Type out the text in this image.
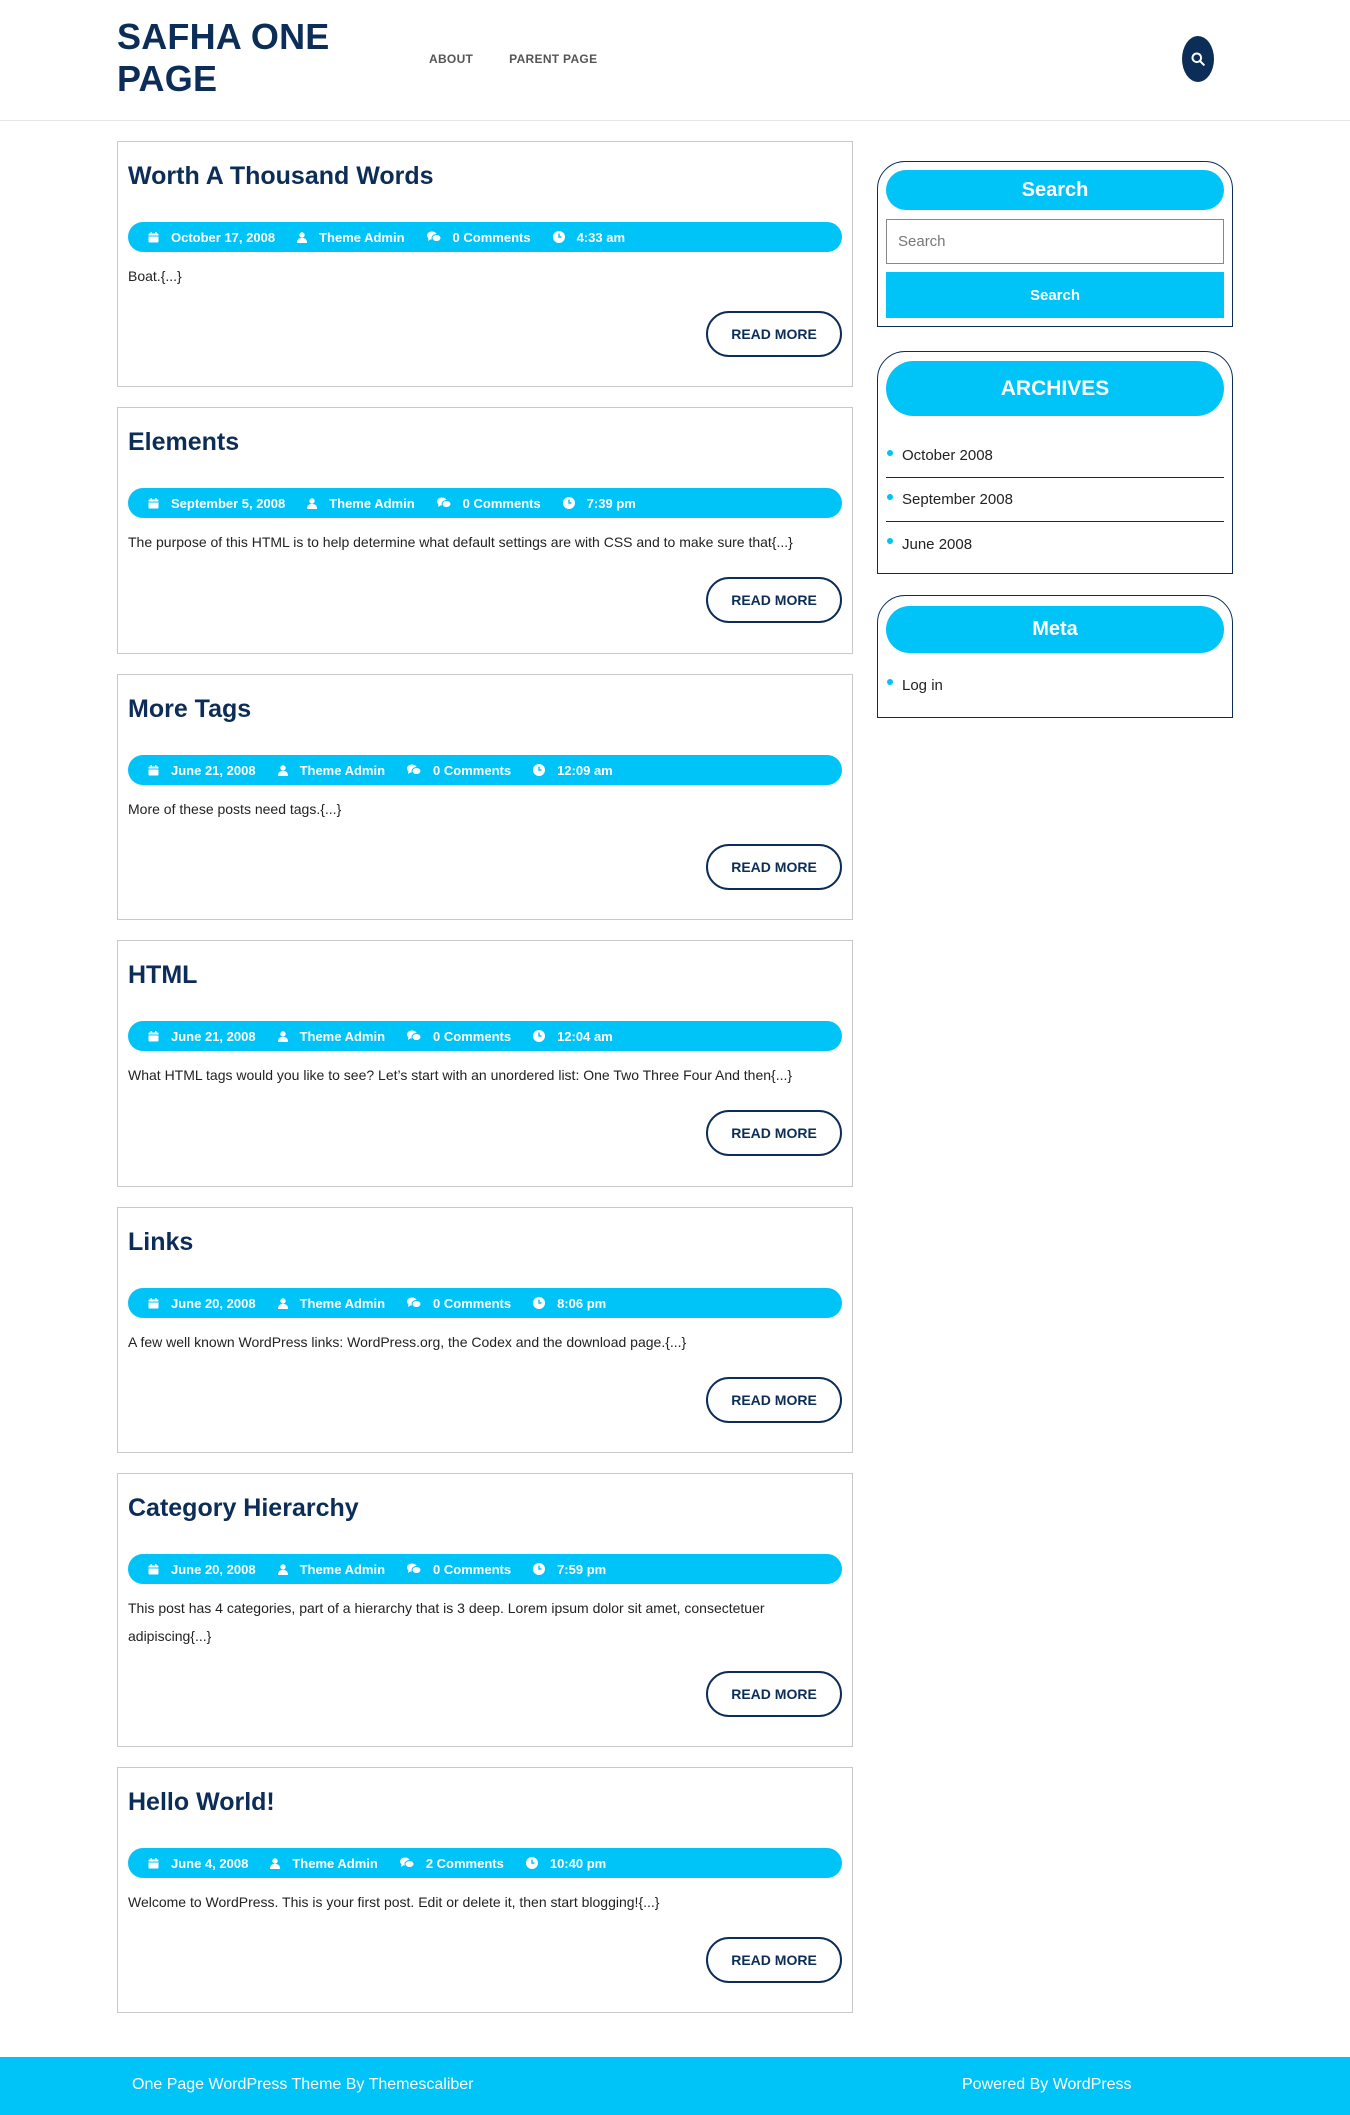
SAFHA ONE PAGE	ABOUT	PARENT PAGE
Worth A Thousand Words
October 17, 2008	Theme Admin	0 Comments	4:33 am

Boat.{...}

READ MORE
Elements
September 5, 2008	Theme Admin	0 Comments	7:39 pm

The purpose of this HTML is to help determine what default settings are with CSS and to make sure that{...}

READ MORE
More Tags
June 21, 2008	Theme Admin	0 Comments	12:09 am

More of these posts need tags.{...}

READ MORE
HTML
June 21, 2008	Theme Admin	0 Comments	12:04 am

What HTML tags would you like to see? Let’s start with an unordered list: One Two Three Four And then{...}

READ MORE
Links
June 20, 2008	Theme Admin	0 Comments	8:06 pm

A few well known WordPress links: WordPress.org, the Codex and the download page.{...}

READ MORE
Category Hierarchy
June 20, 2008	Theme Admin	0 Comments	7:59 pm

This post has 4 categories, part of a hierarchy that is 3 deep. Lorem ipsum dolor sit amet, consectetuer adipiscing{...}

READ MORE
Hello World!
June 4, 2008	Theme Admin	2 Comments	10:40 pm

Welcome to WordPress. This is your first post. Edit or delete it, then start blogging!{...}

READ MORE
Search
Search
Search
ARCHIVES
October 2008
September 2008
June 2008
Meta
Log in
One Page WordPress Theme By Themescaliber	Powered By WordPress
